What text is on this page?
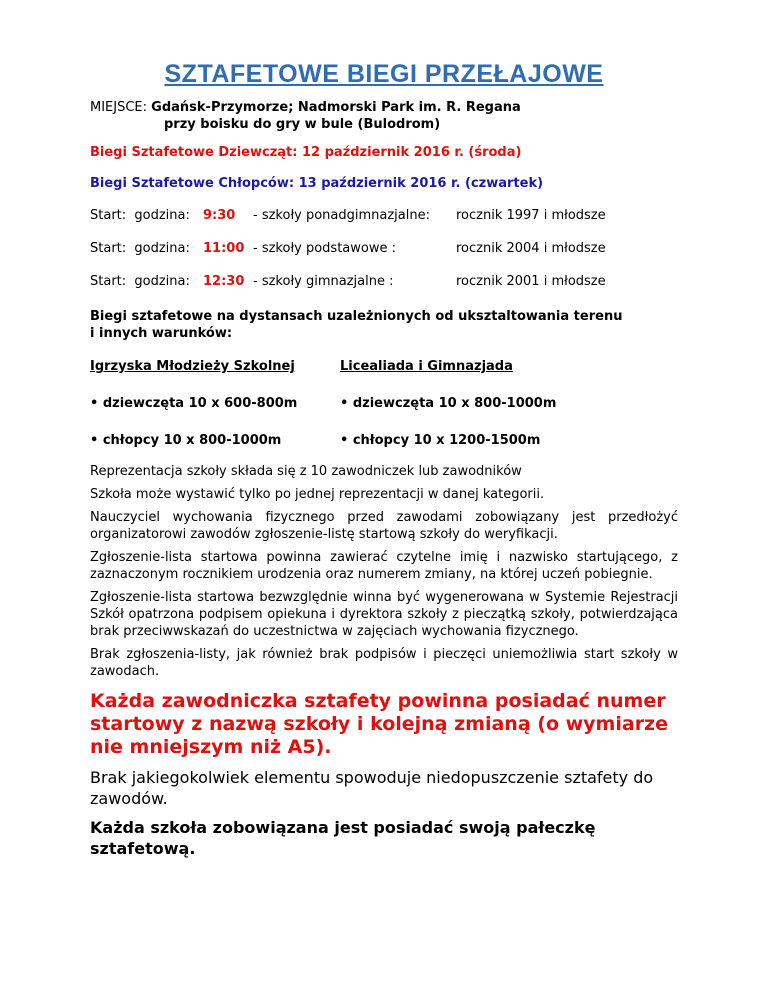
SZTAFETOWE BIEGI PRZEŁAJOWE
MIEJSCE: Gdańsk-Przymorze; Nadmorski Park im. R. Regana
przy boisku do gry w bule (Bulodrom)
Biegi Sztafetowe Dziewcząt: 12 październik 2016 r. (środa)
Biegi Sztafetowe Chłopców: 13 październik 2016 r. (czwartek)
Start:  godzina:	9:30	- szkoły ponadgimnazjalne:	rocznik 1997 i młodsze
Start:  godzina:	11:00 - szkoły podstawowe :	rocznik 2004 i młodsze
Start:  godzina:	12:30 - szkoły gimnazjalne :	rocznik 2001 i młodsze
Biegi sztafetowe na dystansach uzależnionych od uksztaltowania terenu
i innych warunków:
Igrzyska Młodzieży Szkolnej	Licealiada i Gimnazjada
• dziewczęta 10 x 600-800m	• dziewczęta 10 x 800-1000m
• chłopcy 10 x 800-1000m	• chłopcy 10 x 1200-1500m
Reprezentacja szkoły składa się z 10 zawodniczek lub zawodników
Szkoła może wystawić tylko po jednej reprezentacji w danej kategorii.
Nauczyciel wychowania fizycznego przed zawodami zobowiązany jest przedłożyć organizatorowi zawodów zgłoszenie-listę startową szkoły do weryfikacji.
Zgłoszenie-lista startowa powinna zawierać czytelne imię i nazwisko startującego, z zaznaczonym rocznikiem urodzenia oraz numerem zmiany, na której uczeń pobiegnie.
Zgłoszenie-lista startowa bezwzględnie winna być wygenerowana w Systemie Rejestracji Szkół opatrzona podpisem opiekuna i dyrektora szkoły z pieczątką szkoły, potwierdzająca brak przeciwwskazań do uczestnictwa w zajęciach wychowania fizycznego.
Brak zgłoszenia-listy, jak również brak podpisów i pieczęci uniemożliwia start szkoły w zawodach.
Każda zawodniczka sztafety powinna posiadać numer startowy z nazwą szkoły i kolejną zmianą (o wymiarze nie mniejszym niż A5).
Brak jakiegokolwiek elementu spowoduje niedopuszczenie sztafety do zawodów.
Każda szkoła zobowiązana jest posiadać swoją pałeczkę sztafetową.
